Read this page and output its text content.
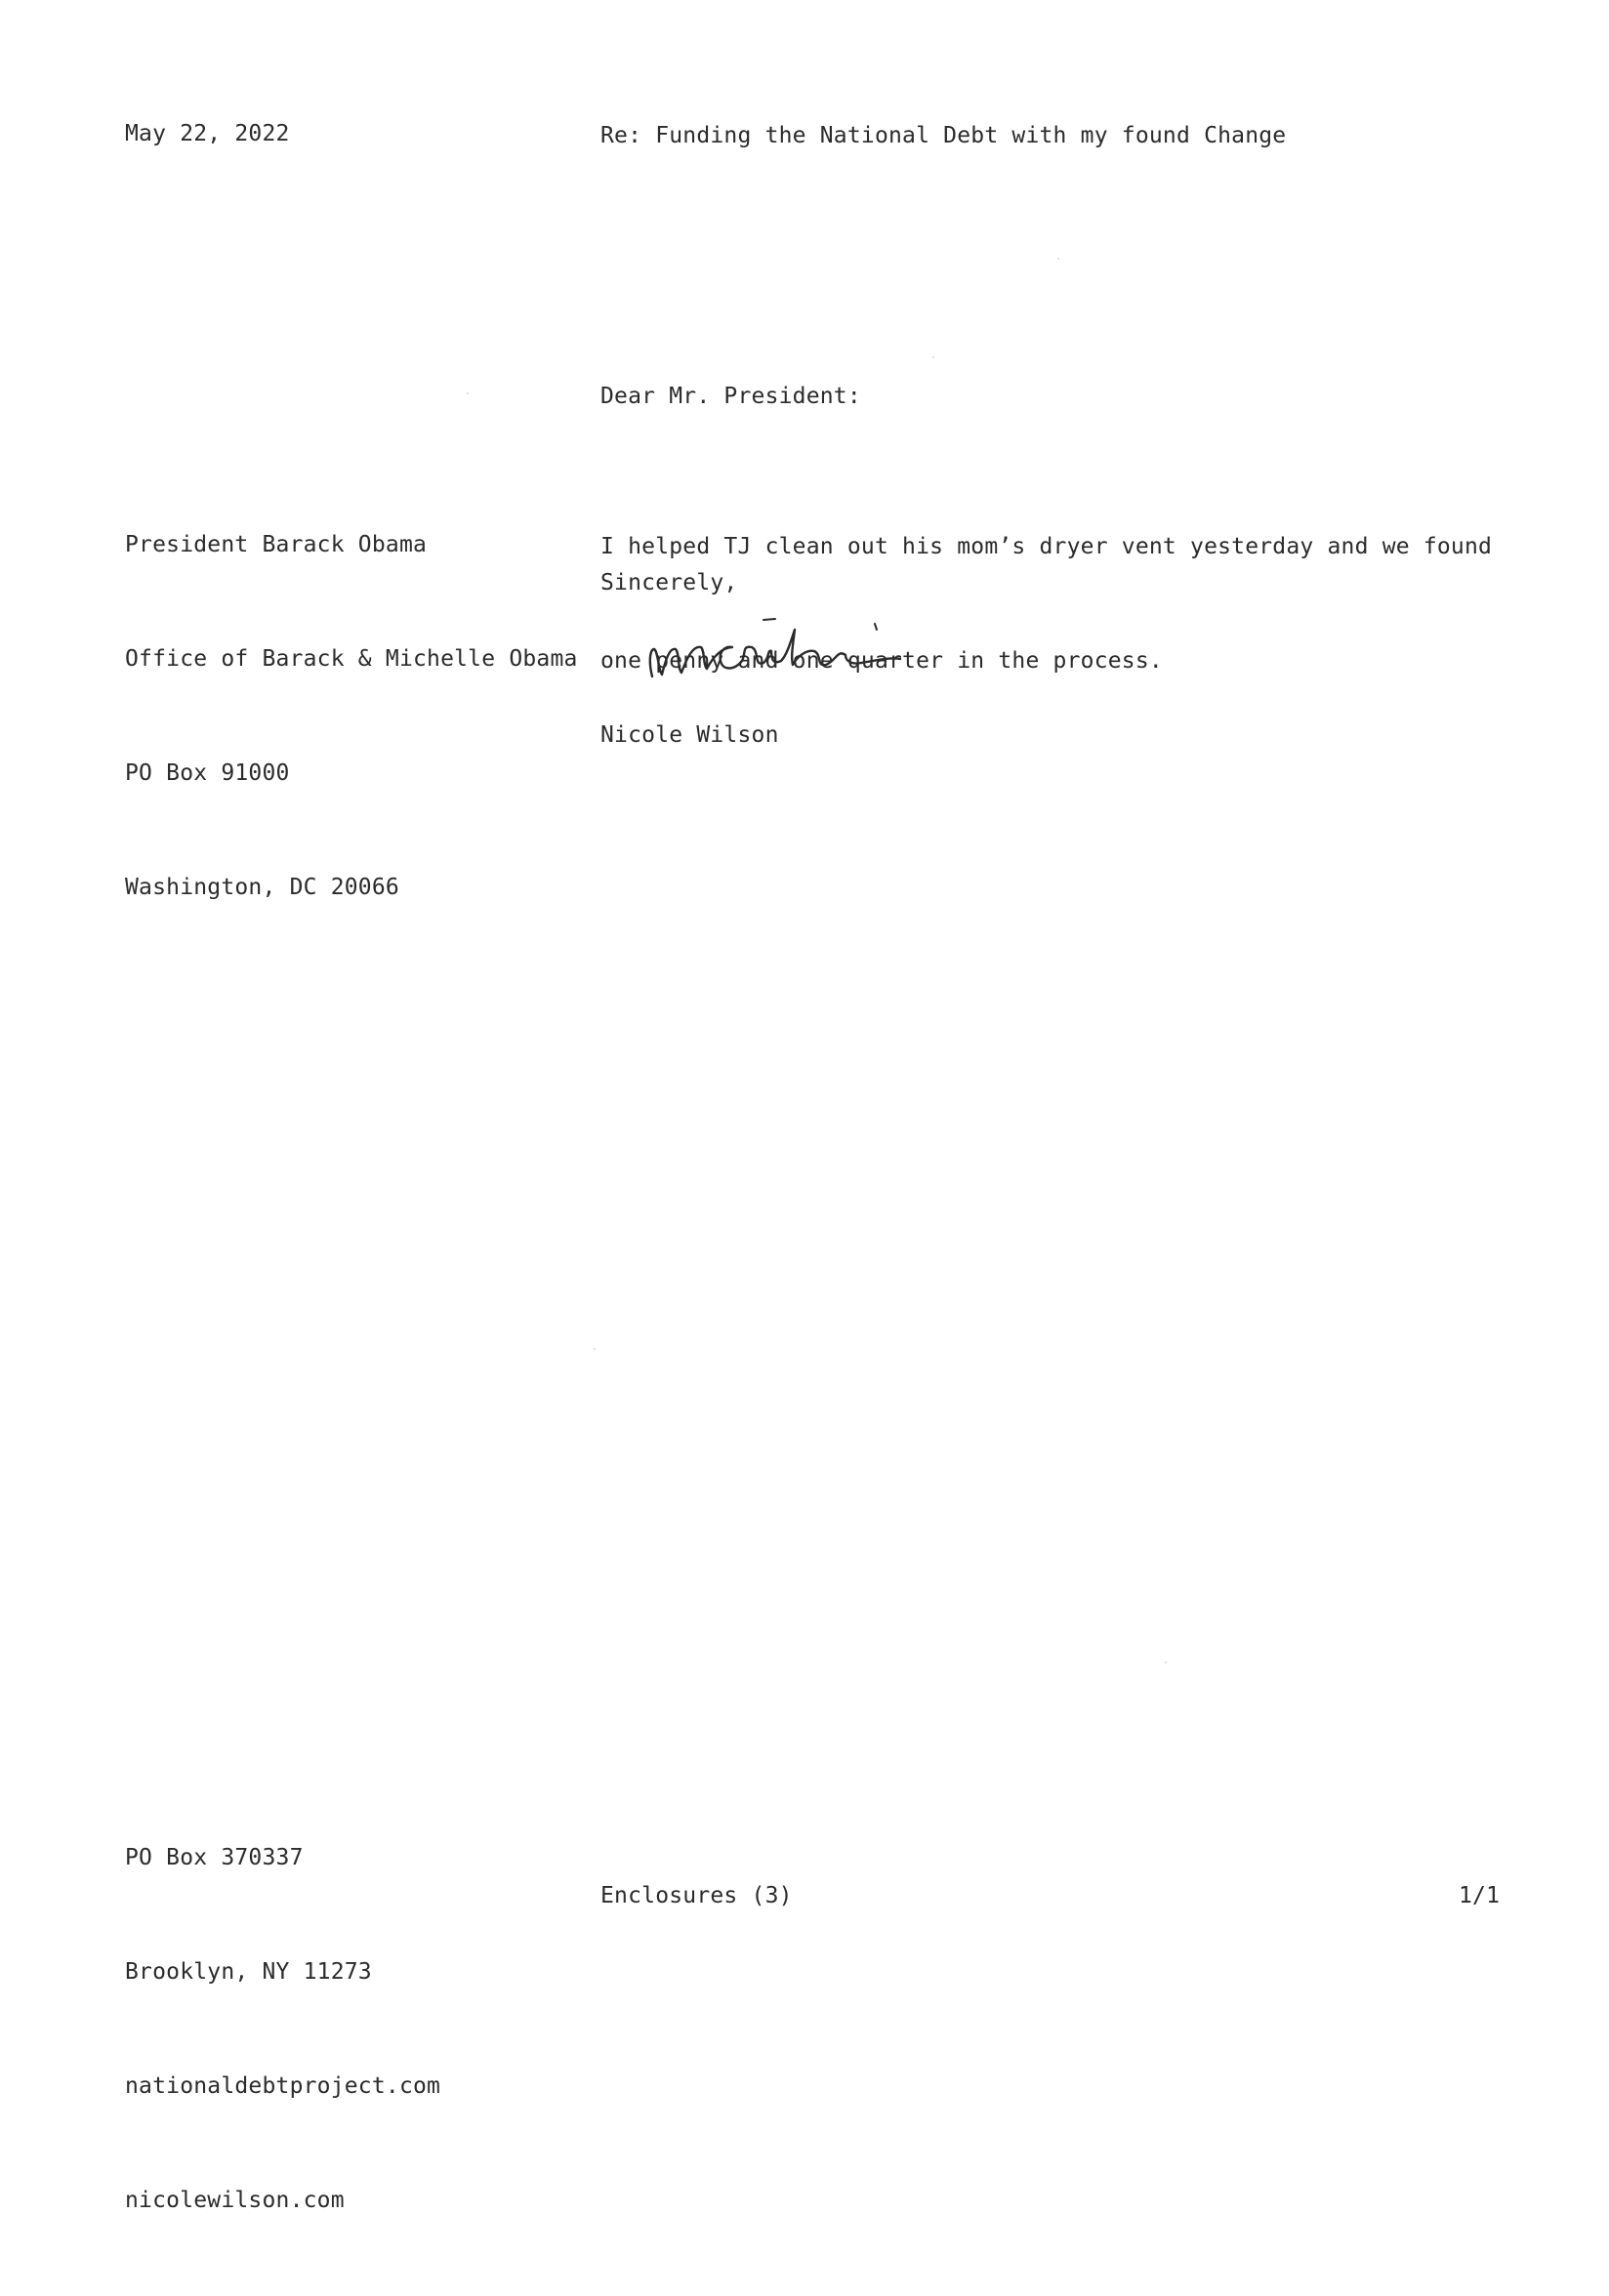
May 22, 2022	Re: Funding the National Debt with my found Change
Dear Mr. President:

President Barack Obama

Office of Barack & Michelle Obama

PO Box 91000

Washington, DC 20066

I helped TJ clean out his mom’s dryer vent yesterday and we found

one penny and one quarter in the process.

Sincerely,
Nicole Wilson

PO Box 370337

Brooklyn, NY 11273

nationaldebtproject.com

nicolewilson.com

Enclosures (3)	1/1
